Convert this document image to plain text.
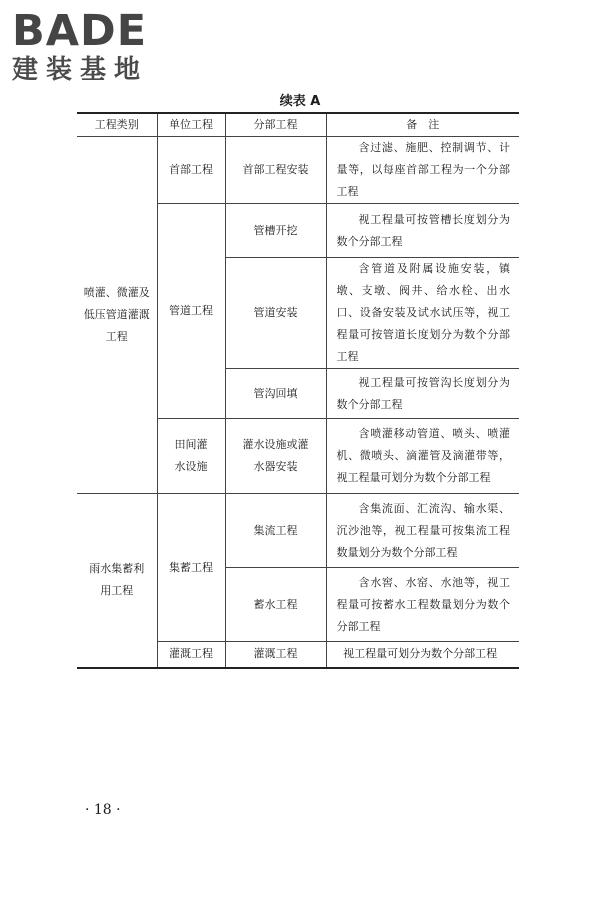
BADE
建装基地
续表 A
工程类别	单位工程	分部工程	备　注
喷灌、微灌及低压管道灌溉工程	首部工程	首部工程安装	含过滤、施肥、控制调节、计量等，以每座首部工程为一个分部工程

	管道工程	管槽开挖	视工程量可按管槽长度划分为数个分部工程

		管道安装	含管道及附属设施安装，镇墩、支墩、阀井、给水栓、出水口、设备安装及试水试压等，视工程量可按管道长度划分为数个分部工程

		管沟回填	视工程量可按管沟长度划分为数个分部工程

	田间灌水设施	灌水设施或灌水器安装	含喷灌移动管道、喷头、喷灌机、微喷头、滴灌管及滴灌带等，视工程量可划分为数个分部工程

雨水集蓄利用工程	集蓄工程	集流工程	含集流面、汇流沟、输水渠、沉沙池等，视工程量可按集流工程数量划分为数个分部工程

		蓄水工程	含水窖、水窑、水池等，视工程量可按蓄水工程数量划分为数个分部工程

	灌溉工程	灌溉工程	视工程量可划分为数个分部工程
· 18 ·
